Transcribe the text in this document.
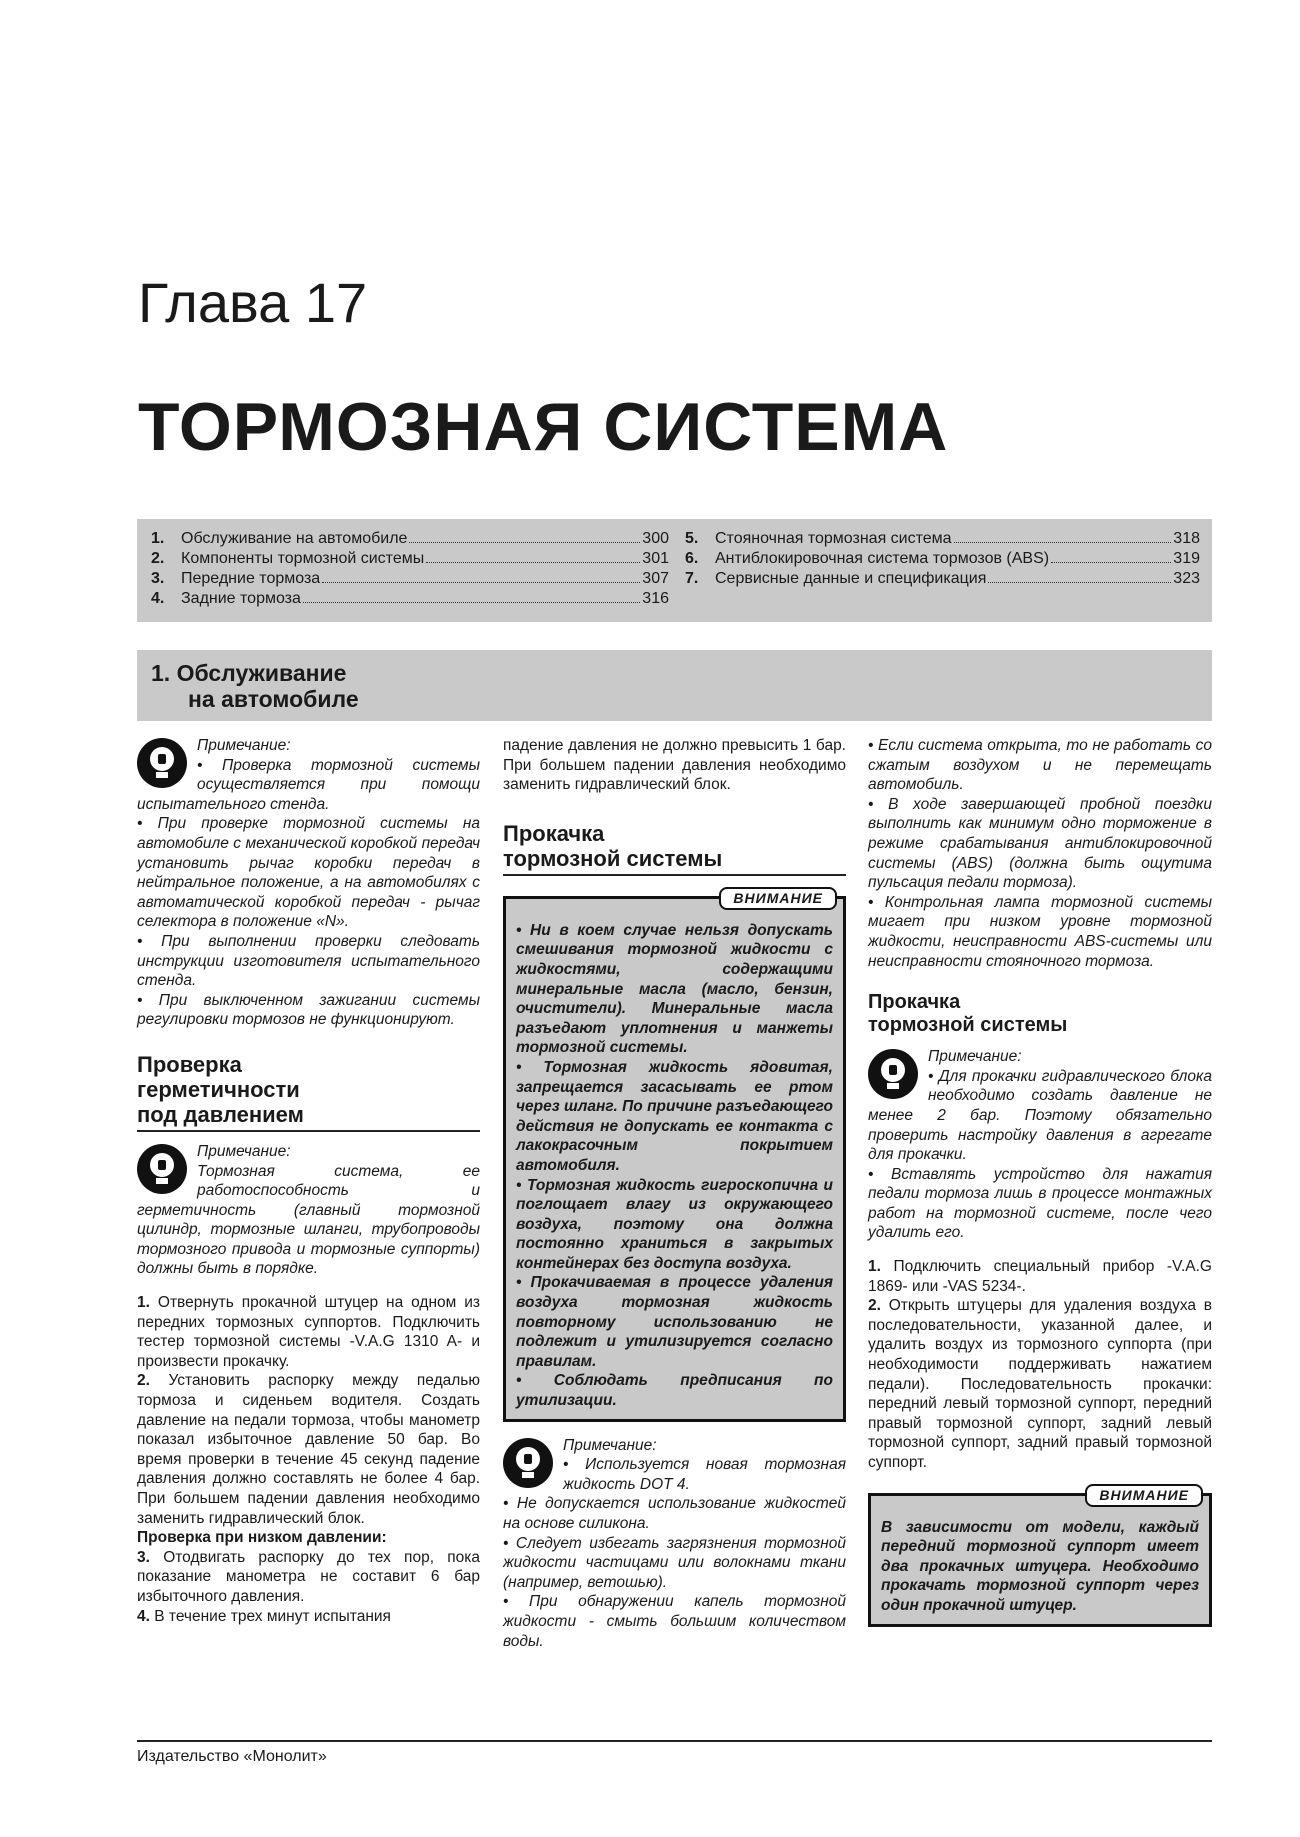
Глава 17
ТОРМОЗНАЯ СИСТЕМА
1.	Обслуживание на автомобиле	300
2.	Компоненты тормозной системы	301
3.	Передние тормоза	307
4.	Задние тормоза	316
5.	Стояночная тормозная система	318
6.	Антиблокировочная система тормозов (ABS)	319
7.	Сервисные данные и спецификация	323
1. Обслуживание
на автомобиле

Примечание:

• Проверка тормозной системы осуществляется при помощи испытательного стенда.

• При проверке тормозной системы на автомобиле с механической коробкой передач установить рычаг коробки передач в нейтральное положение, а на автомобилях с автоматической коробкой передач - рычаг селектора в положение «N».

• При выполнении проверки следовать инструкции изготовителя испытательного стенда.

• При выключенном зажигании системы регулировки тормозов не функционируют.

Проверка
герметичности
под давлением

Примечание:

Тормозная система, ее работоспособность и герметичность (главный тормозной цилиндр, тормозные шланги, трубопроводы тормозного привода и тормозные суппорты) должны быть в порядке.

1. Отвернуть прокачной штуцер на одном из передних тормозных суппортов. Подключить тестер тормозной системы -V.A.G 1310 A- и произвести прокачку.

2. Установить распорку между педалью тормоза и сиденьем водителя. Создать давление на педали тормоза, чтобы манометр показал избыточное давление 50 бар. Во время проверки в течение 45 секунд падение давления должно составлять не более 4 бар. При большем падении давления необходимо заменить гидравлический блок.

Проверка при низком давлении:

3. Отодвигать распорку до тех пор, пока показание манометра не составит 6 бар избыточного давления.

4. В течение трех минут испытания

падение давления не должно превысить 1 бар. При большем падении давления необходимо заменить гидравлический блок.

Прокачка
тормозной системы
ВНИМАНИЕ

• Ни в коем случае нельзя допускать смешивания тормозной жидкости с жидкостями, содержащими минеральные масла (масло, бензин, очистители). Минеральные масла разъедают уплотнения и манжеты тормозной системы.

• Тормозная жидкость ядовитая, запрещается засасывать ее ртом через шланг. По причине разъедающего действия не допускать ее контакта с лакокрасочным покрытием автомобиля.

• Тормозная жидкость гигроскопична и поглощает влагу из окружающего воздуха, поэтому она должна постоянно храниться в закрытых контейнерах без доступа воздуха.

• Прокачиваемая в процессе удаления воздуха тормозная жидкость повторному использованию не подлежит и утилизируется согласно правилам.

• Соблюдать предписания по утилизации.

Примечание:

• Используется новая тормозная жидкость DOT 4.

• Не допускается использование жидкостей на основе силикона.

• Следует избегать загрязнения тормозной жидкости частицами или волокнами ткани (например, ветошью).

• При обнаружении капель тормозной жидкости - смыть большим количеством воды.

• Если система открыта, то не работать со сжатым воздухом и не перемещать автомобиль.

• В ходе завершающей пробной поездки выполнить как минимум одно торможение в режиме срабатывания антиблокировочной системы (ABS) (должна быть ощутима пульсация педали тормоза).

• Контрольная лампа тормозной системы мигает при низком уровне тормозной жидкости, неисправности ABS-системы или неисправности стояночного тормоза.

Прокачка
тормозной системы

Примечание:

• Для прокачки гидравлического блока необходимо создать давление не менее 2 бар. Поэтому обязательно проверить настройку давления в агрегате для прокачки.

• Вставлять устройство для нажатия педали тормоза лишь в процессе монтажных работ на тормозной системе, после чего удалить его.

1. Подключить специальный прибор -V.A.G 1869- или -VAS 5234-.

2. Открыть штуцеры для удаления воздуха в последовательности, указанной далее, и удалить воздух из тормозного суппорта (при необходимости поддерживать нажатием педали). Последовательность прокачки: передний левый тормозной суппорт, передний правый тормозной суппорт, задний левый тормозной суппорт, задний правый тормозной суппорт.

ВНИМАНИЕ

В зависимости от модели, каждый передний тормозной суппорт имеет два прокачных штуцера. Необходимо прокачать тормозной суппорт через один прокачной штуцер.

Издательство «Монолит»
